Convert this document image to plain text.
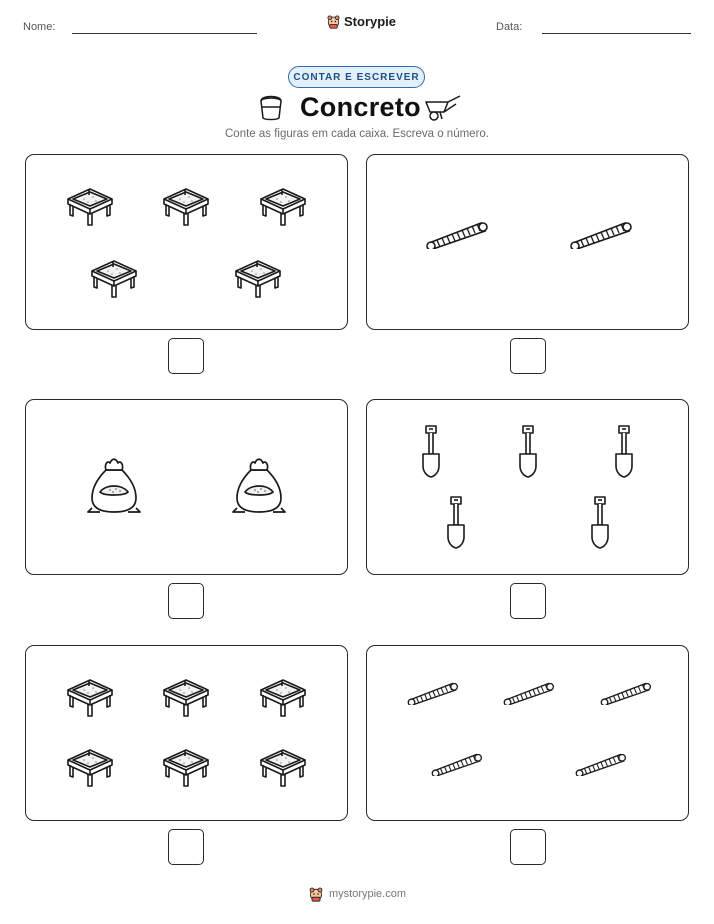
Nome:	Storypie	Data:
CONTAR E ESCREVER
Concreto
Conte as figuras em cada caixa. Escreva o número.
mystorypie.com
